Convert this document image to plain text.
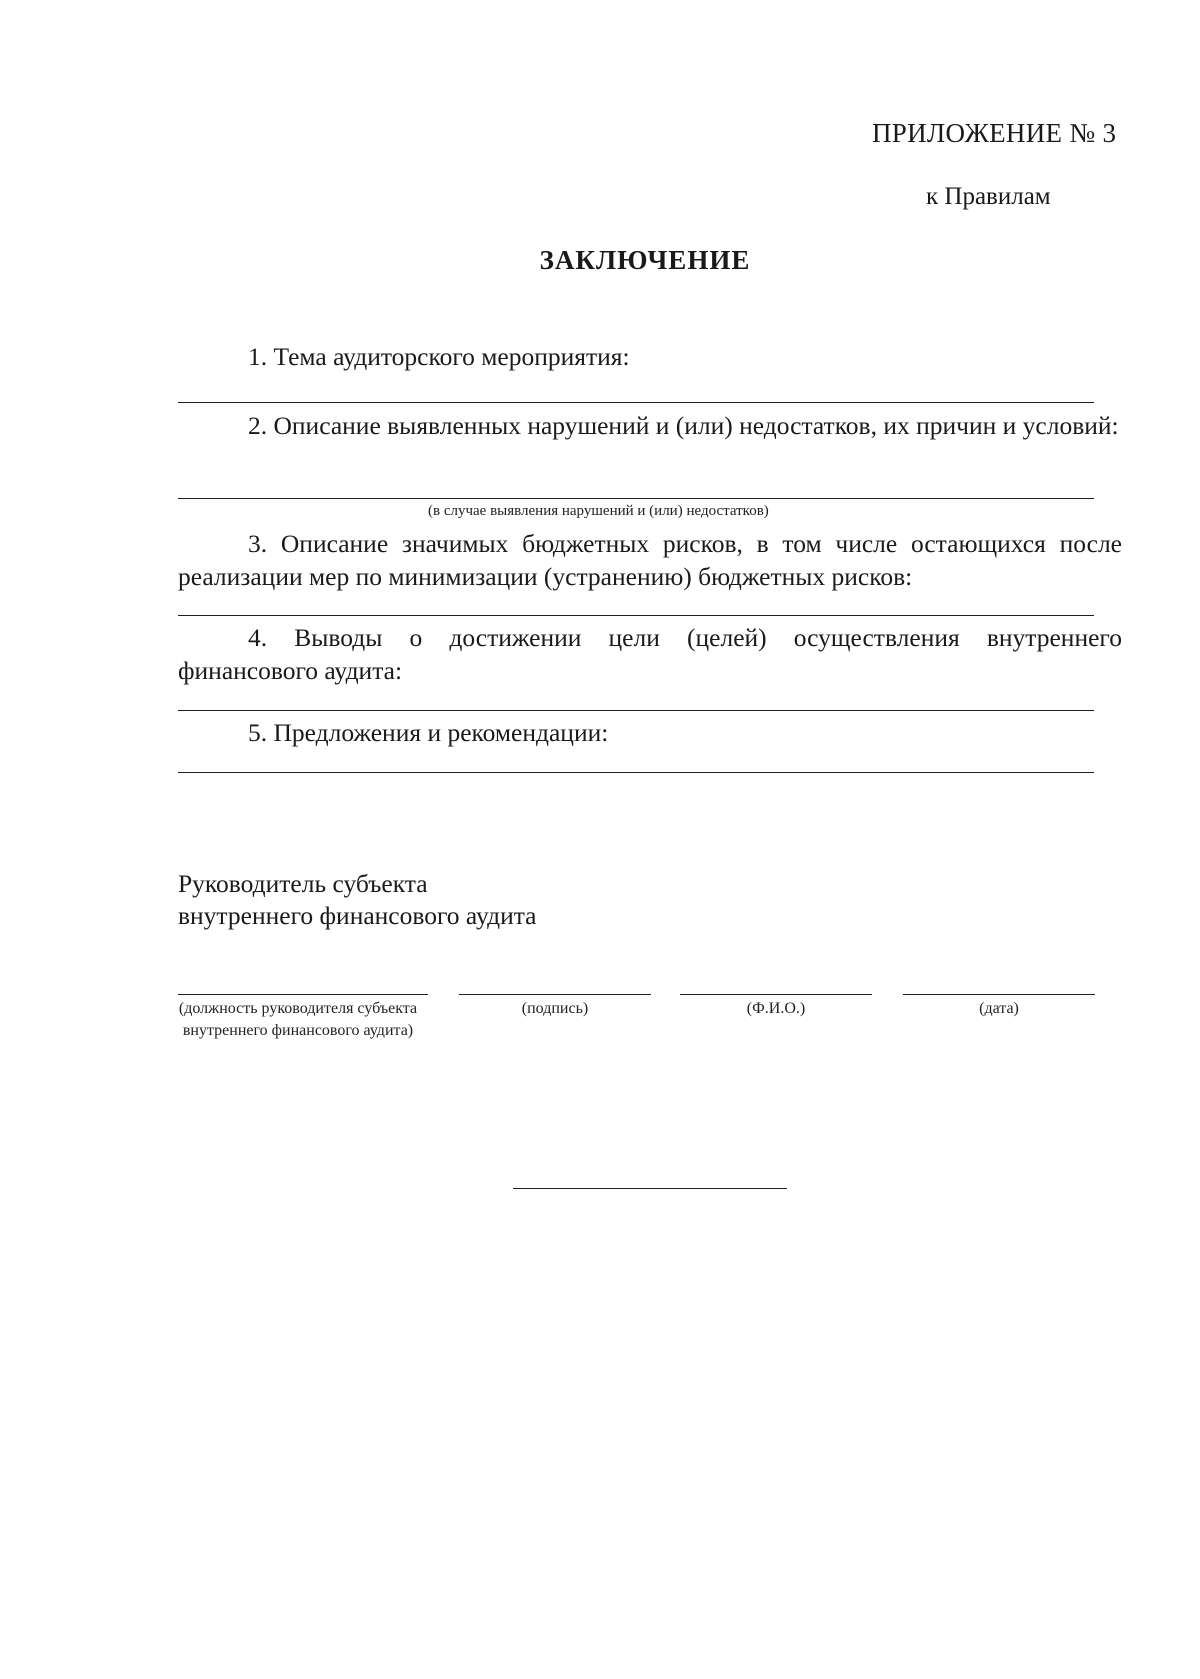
ПРИЛОЖЕНИЕ № 3
к Правилам
ЗАКЛЮЧЕНИЕ

1. Тема аудиторского мероприятия:

2. Описание выявленных нарушений и (или) недостатков, их причин и условий:

(в случае выявления нарушений и (или) недостатков)

3. Описание значимых бюджетных рисков, в том числе остающихся после реализации мер по минимизации (устранению) бюджетных рисков:

4. Выводы о достижении цели (целей) осуществления внутреннего финансового аудита:

5. Предложения и рекомендации:

Руководитель субъекта
внутреннего финансового аудита
(должность руководителя субъекта внутреннего финансового аудита)
(подпись)	(Ф.И.О.)	(дата)
